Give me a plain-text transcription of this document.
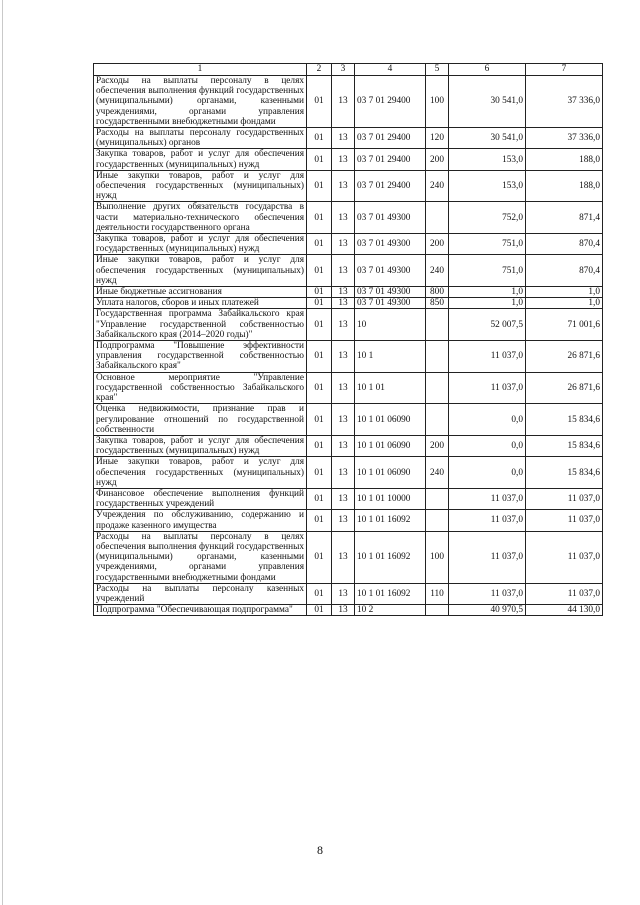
1	2	3	4	5	6	7
Расходы на выплаты персоналу в целях обеспечения выполнения функций государственных (муниципальными) органами, казенными учреждениями, органами управления государственными внебюджетными фондами	01	13	03 7 01 29400	100	30 541,0	37 336,0
Расходы на выплаты персоналу государственных (муниципальных) органов	01	13	03 7 01 29400	120	30 541,0	37 336,0
Закупка товаров, работ и услуг для обеспечения государственных (муниципальных) нужд	01	13	03 7 01 29400	200	153,0	188,0
Иные закупки товаров, работ и услуг для обеспечения государственных (муниципальных) нужд	01	13	03 7 01 29400	240	153,0	188,0
Выполнение других обязательств государства в части материально-технического обеспечения деятельности государственного органа	01	13	03 7 01 49300		752,0	871,4
Закупка товаров, работ и услуг для обеспечения государственных (муниципальных) нужд	01	13	03 7 01 49300	200	751,0	870,4
Иные закупки товаров, работ и услуг для обеспечения государственных (муниципальных) нужд	01	13	03 7 01 49300	240	751,0	870,4
Иные бюджетные ассигнования	01	13	03 7 01 49300	800	1,0	1,0
Уплата налогов, сборов и иных платежей	01	13	03 7 01 49300	850	1,0	1,0
Государственная программа Забайкальского края "Управление государственной собственностью Забайкальского края (2014–2020 годы)"	01	13	10		52 007,5	71 001,6
Подпрограмма "Повышение эффективности управления государственной собственностью Забайкальского края"	01	13	10 1		11 037,0	26 871,6
Основное мероприятие "Управление государственной собственностью Забайкальского края"	01	13	10 1 01		11 037,0	26 871,6
Оценка недвижимости, признание прав и регулирование отношений по государственной собственности	01	13	10 1 01 06090		0,0	15 834,6
Закупка товаров, работ и услуг для обеспечения государственных (муниципальных) нужд	01	13	10 1 01 06090	200	0,0	15 834,6
Иные закупки товаров, работ и услуг для обеспечения государственных (муниципальных) нужд	01	13	10 1 01 06090	240	0,0	15 834,6
Финансовое обеспечение выполнения функций государственных учреждений	01	13	10 1 01 10000		11 037,0	11 037,0
Учреждения по обслуживанию, содержанию и продаже казенного имущества	01	13	10 1 01 16092		11 037,0	11 037,0
Расходы на выплаты персоналу в целях обеспечения выполнения функций государственных (муниципальными) органами, казенными учреждениями, органами управления государственными внебюджетными фондами	01	13	10 1 01 16092	100	11 037,0	11 037,0
Расходы на выплаты персоналу казенных учреждений	01	13	10 1 01 16092	110	11 037,0	11 037,0
Подпрограмма "Обеспечивающая подпрограмма"	01	13	10 2		40 970,5	44 130,0
8
